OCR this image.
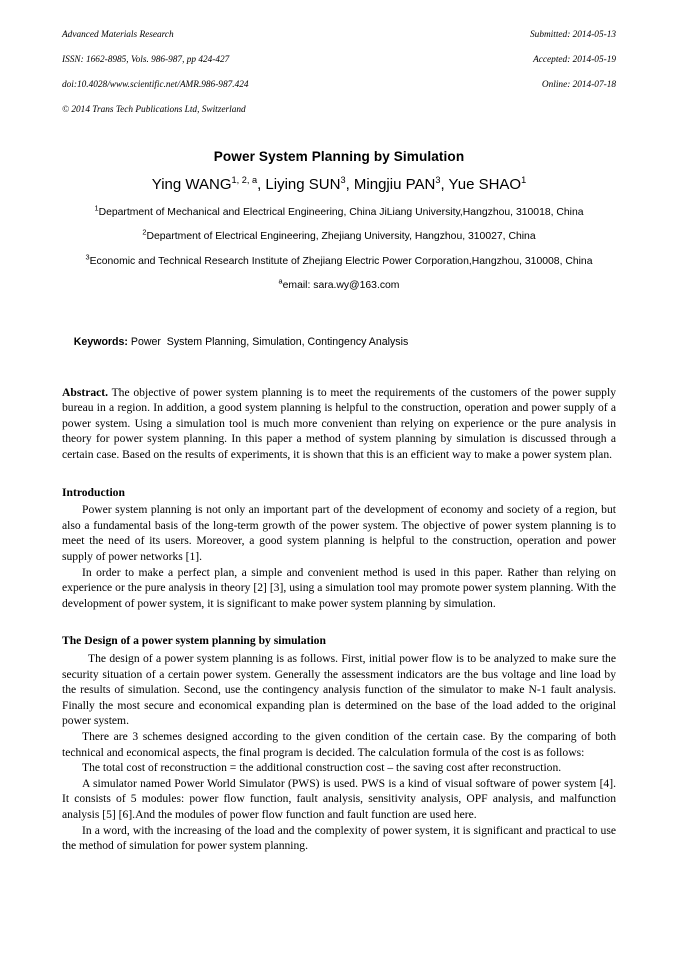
Advanced Materials Research

ISSN: 1662-8985, Vols. 986-987, pp 424-427

doi:10.4028/www.scientific.net/AMR.986-987.424

© 2014 Trans Tech Publications Ltd, Switzerland

Submitted: 2014-05-13

Accepted: 2014-05-19

Online: 2014-07-18

Power System Planning by Simulation
Ying WANG$^{1, 2, a}$, Liying SUN$^3$, Mingjiu PAN$^3$, Yue SHAO$^1$
$^1$Department of Mechanical and Electrical Engineering, China JiLiang University,Hangzhou, 310018, China
$^2$Department of Electrical Engineering, Zhejiang University, Hangzhou, 310027, China
$^3$Economic and Technical Research Institute of Zhejiang Electric Power Corporation,Hangzhou, 310008, China
$^a$email: sara.wy@163.com

Keywords: Power  System Planning, Simulation, Contingency Analysis

Abstract. The objective of power system planning is to meet the requirements of the customers of the power supply bureau in a region. In addition, a good system planning is helpful to the construction, operation and power supply of a power system. Using a simulation tool is much more convenient than relying on experience or the pure analysis in theory for power system planning. In this paper a method of system planning by simulation is discussed through a certain case. Based on the results of experiments, it is shown that this is an efficient way to make a power system plan.
Introduction

Power system planning is not only an important part of the development of economy and society of a region, but also a fundamental basis of the long-term growth of the power system. The objective of power system planning is to meet the need of its users. Moreover, a good system planning is helpful to the construction, operation and power supply of power networks [1].

In order to make a perfect plan, a simple and convenient method is used in this paper. Rather than relying on experience or the pure analysis in theory [2] [3], using a simulation tool may promote power system planning. With the development of power system, it is significant to make power system planning by simulation.

The Design of a power system planning by simulation

The design of a power system planning is as follows. First, initial power flow is to be analyzed to make sure the security situation of a certain power system. Generally the assessment indicators are the bus voltage and line load by the results of simulation. Second, use the contingency analysis function of the simulator to make N-1 fault analysis. Finally the most secure and economical expanding plan is determined on the base of the load added to the original power system.

There are 3 schemes designed according to the given condition of the certain case. By the comparing of both technical and economical aspects, the final program is decided. The calculation formula of the cost is as follows:

The total cost of reconstruction = the additional construction cost – the saving cost after reconstruction.

A simulator named Power World Simulator (PWS) is used. PWS is a kind of visual software of power system [4]. It consists of 5 modules: power flow function, fault analysis, sensitivity analysis, OPF analysis, and malfunction analysis [5] [6].And the modules of power flow function and fault function are used here.

In a word, with the increasing of the load and the complexity of power system, it is significant and practical to use the method of simulation for power system planning.
